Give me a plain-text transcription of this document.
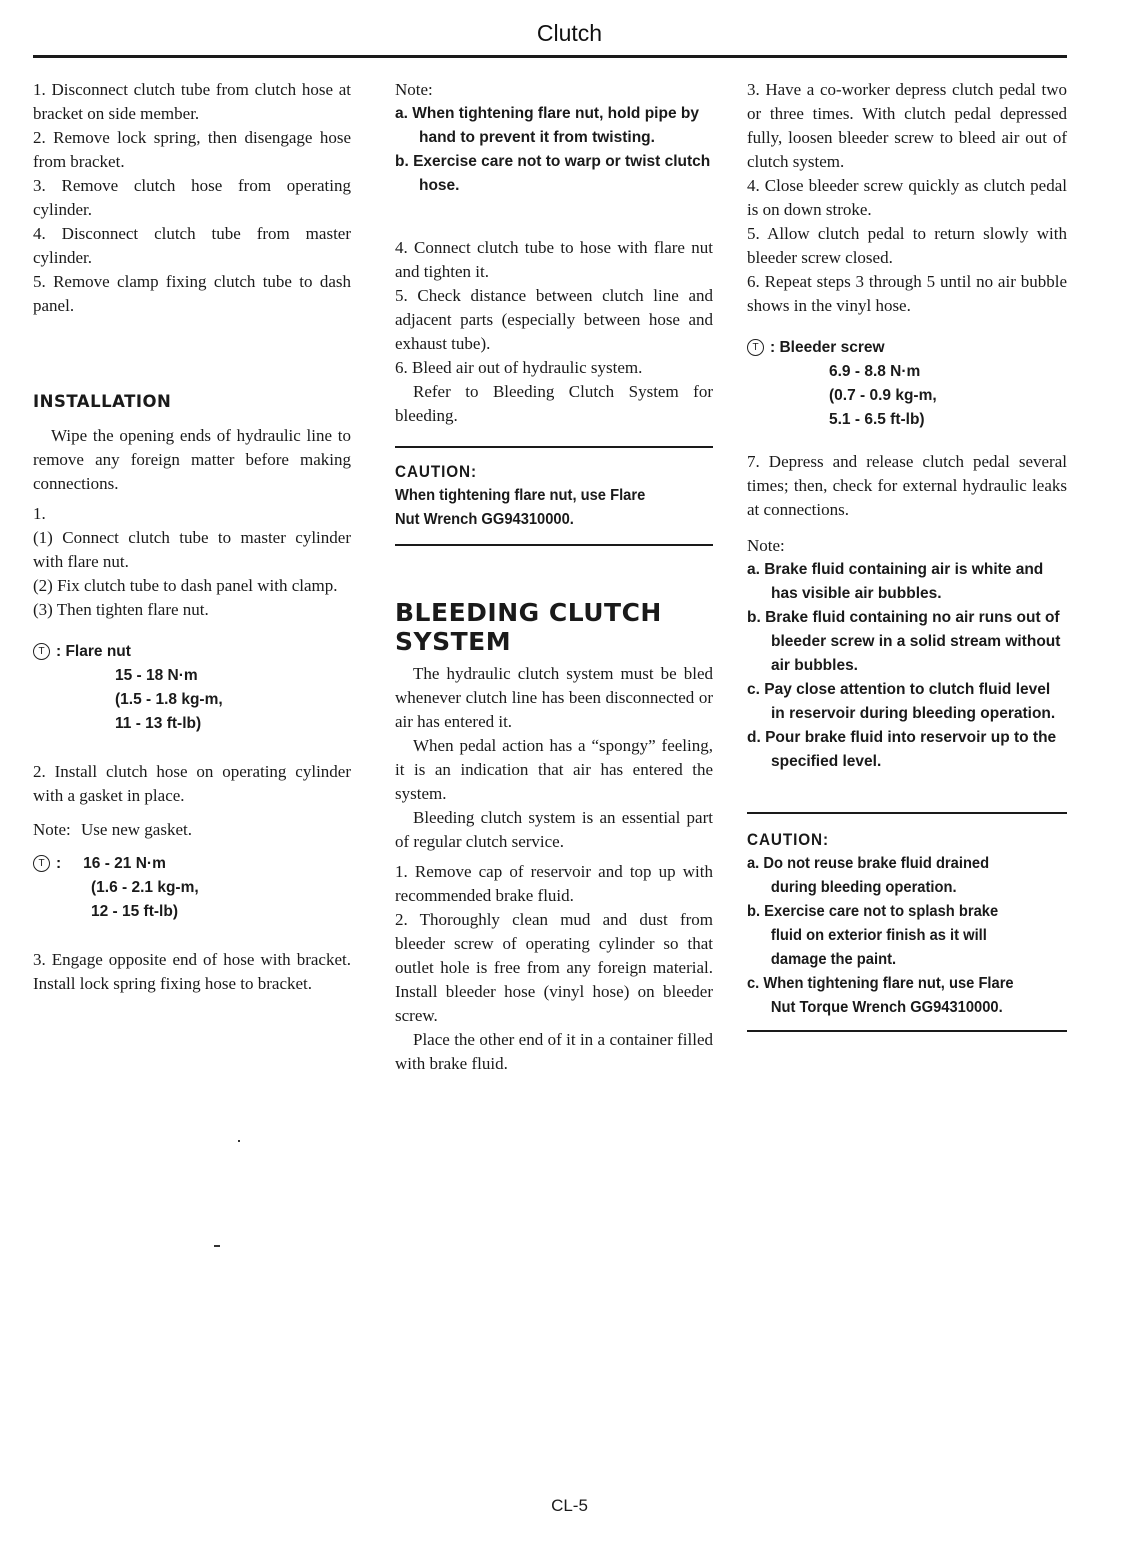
Clutch
1. Disconnect clutch tube from clutch hose at bracket on side member.
2. Remove lock spring, then disengage hose from bracket.
3. Remove clutch hose from operating cylinder.
4. Disconnect clutch tube from master cylinder.
5. Remove clamp fixing clutch tube to dash panel.
INSTALLATION
Wipe the opening ends of hydraulic line to remove any foreign matter before making connections.
1.
(1) Connect clutch tube to master cylinder with flare nut.
(2) Fix clutch tube to dash panel with clamp.
(3) Then tighten flare nut.
T : Flare nut
15 - 18 N·m
(1.5 - 1.8 kg-m,
11 - 13 ft-lb)
2. Install clutch hose on operating cylinder with a gasket in place.
Note: Use new gasket.
T : 16 - 21 N·m
(1.6 - 2.1 kg-m,
12 - 15 ft-lb)
3. Engage opposite end of hose with bracket. Install lock spring fixing hose to bracket.
Note:
a. When tightening flare nut, hold pipe by hand to prevent it from twisting.
b. Exercise care not to warp or twist clutch hose.
4. Connect clutch tube to hose with flare nut and tighten it.
5. Check distance between clutch line and adjacent parts (especially between hose and exhaust tube).
6. Bleed air out of hydraulic system.
Refer to Bleeding Clutch System for bleeding.
CAUTION:
When tightening flare nut, use Flare
Nut Wrench GG94310000.
BLEEDING CLUTCH
SYSTEM
The hydraulic clutch system must be bled whenever clutch line has been disconnected or air has entered it.
When pedal action has a “spongy” feeling, it is an indication that air has entered the system.
Bleeding clutch system is an essential part of regular clutch service.
1. Remove cap of reservoir and top up with recommended brake fluid.
2. Thoroughly clean mud and dust from bleeder screw of operating cylinder so that outlet hole is free from any foreign material. Install bleeder hose (vinyl hose) on bleeder screw.
Place the other end of it in a container filled with brake fluid.
3. Have a co-worker depress clutch pedal two or three times. With clutch pedal depressed fully, loosen bleeder screw to bleed air out of clutch system.
4. Close bleeder screw quickly as clutch pedal is on down stroke.
5. Allow clutch pedal to return slowly with bleeder screw closed.
6. Repeat steps 3 through 5 until no air bubble shows in the vinyl hose.
T : Bleeder screw
6.9 - 8.8 N·m
(0.7 - 0.9 kg-m,
5.1 - 6.5 ft-lb)
7. Depress and release clutch pedal several times; then, check for external hydraulic leaks at connections.
Note:
a. Brake fluid containing air is white and has visible air bubbles.
b. Brake fluid containing no air runs out of bleeder screw in a solid stream without air bubbles.
c. Pay close attention to clutch fluid level in reservoir during bleeding operation.
d. Pour brake fluid into reservoir up to the specified level.
CAUTION:
a. Do not reuse brake fluid drained
during bleeding operation.
b. Exercise care not to splash brake
fluid on exterior finish as it will
damage the paint.
c. When tightening flare nut, use Flare
Nut Torque Wrench GG94310000.
CL-5
